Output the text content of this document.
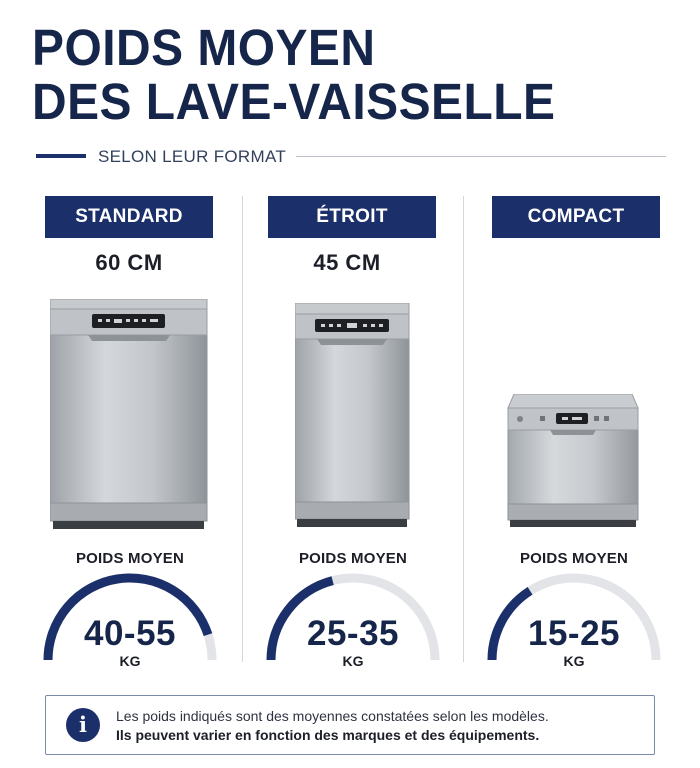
POIDS MOYEN
DES LAVE-VAISSELLE
SELON LEUR FORMAT
STANDARD
60 CM
POIDS MOYEN
40-55
KG
ÉTROIT
45 CM
POIDS MOYEN
25-35
KG
COMPACT
POIDS MOYEN
15-25
KG
i	Les poids indiqués sont des moyennes constatées selon les modèles.
Ils peuvent varier en fonction des marques et des équipements.
